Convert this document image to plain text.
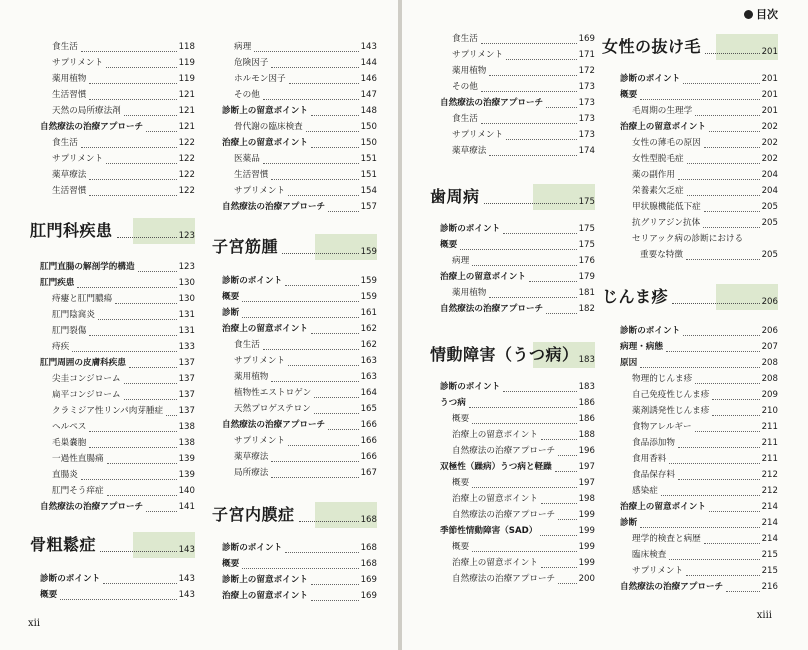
目次
xii
xiii
食生活	118
サプリメント	119
薬用植物	119
生活習慣	121
天然の局所療法剤	121
自然療法の治療アプローチ	121
食生活	122
サプリメント	122
薬草療法	122
生活習慣	122
肛門科疾患	123
肛門直腸の解剖学的構造	123
肛門疾患	130
痔瘻と肛門膿瘍	130
肛門陰窩炎	131
肛門裂傷	131
痔疾	133
肛門周囲の皮膚科疾患	137
尖圭コンジローム	137
扁平コンジローム	137
クラミジア性リンパ肉芽腫症 137
ヘルペス	138
毛巣嚢胞	138
一過性直腸痛	139
直腸炎	139
肛門そう痒症	140
自然療法の治療アプローチ	141
骨粗鬆症	143
診断のポイント	143
概要	143
病理	143
危険因子	144
ホルモン因子	146
その他	147
診断上の留意ポイント	148
骨代謝の臨床検査	150
治療上の留意ポイント	150
医薬品	151
生活習慣	151
サプリメント	154
自然療法の治療アプローチ	157
子宮筋腫	159
診断のポイント	159
概要	159
診断	161
治療上の留意ポイント	162
食生活	162
サプリメント	163
薬用植物	163
植物性エストロゲン	164
天然プロゲステロン	165
自然療法の治療アプローチ	166
サプリメント	166
薬草療法	166
局所療法	167
子宮内膜症	168
診断のポイント	168
概要	168
診断上の留意ポイント	169
治療上の留意ポイント	169
食生活	169
サプリメント	171
薬用植物	172
その他	173
自然療法の治療アプローチ	173
食生活	173
サプリメント	173
薬草療法	174
歯周病	175
診断のポイント	175
概要	175
病理	176
治療上の留意ポイント	179
薬用植物	181
自然療法の治療アプローチ	182
情動障害（うつ病） 183
診断のポイント	183
うつ病	186
概要	186
治療上の留意ポイント	188
自然療法の治療アプローチ	196
双極性（躁病）うつ病と軽躁	197
概要	197
治療上の留意ポイント	198
自然療法の治療アプローチ	199
季節性情動障害（SAD）	199
概要	199
治療上の留意ポイント	199
自然療法の治療アプローチ	200
女性の抜け毛	201
診断のポイント	201
概要	201
毛周期の生理学	201
治療上の留意ポイント	202
女性の薄毛の原因	202
女性型脱毛症	202
薬の副作用	204
栄養素欠乏症	204
甲状腺機能低下症	205
抗グリアジン抗体	205
セリアック病の診断における
重要な特徴	205
じんま疹	206
診断のポイント	206
病理・病態	207
原因	208
物理的じんま疹	208
自己免疫性じんま疹	209
薬剤誘発性じんま疹	210
食物アレルギー	211
食品添加物	211
食用香料	211
食品保存料	212
感染症	212
治療上の留意ポイント	214
診断	214
理学的検査と病歴	214
臨床検査	215
サプリメント	215
自然療法の治療アプローチ	216
